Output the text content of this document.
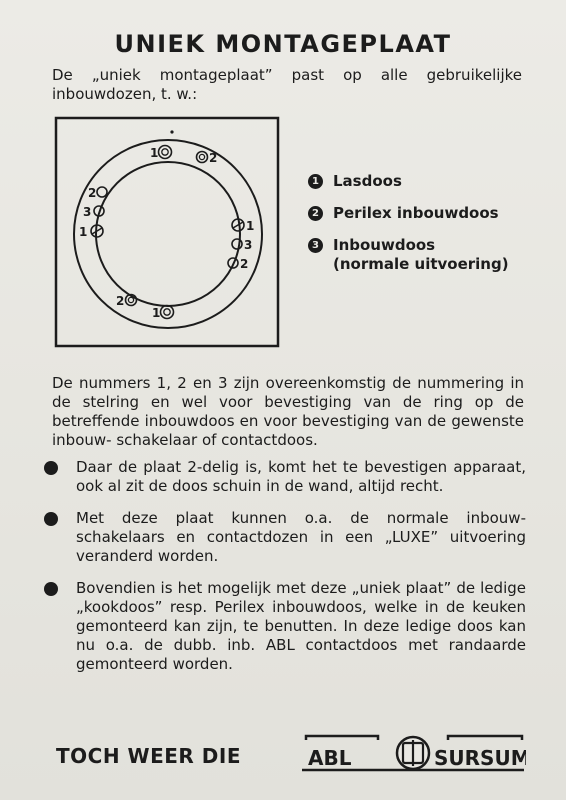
UNIEK MONTAGEPLAAT

De „uniek montageplaat” past op alle gebruikelijke inbouwdozen, t. w.:

1	2
2
3
1	1
3
2
2
1
1 Lasdoos
2 Perilex inbouwdoos
3 Inbouwdoos
(normale uitvoering)

De nummers 1, 2 en 3 zijn overeenkomstig de nummering in de stelring en wel voor bevestiging van de ring op de betreffende inbouwdoos en voor bevestiging van de gewenste inbouw- schakelaar of contactdoos.

Daar de plaat 2-delig is, komt het te bevestigen apparaat, ook al zit de doos schuin in de wand, altijd recht.
Met deze plaat kunnen o.a. de normale inbouw- schakelaars en contactdozen in een „LUXE” uitvoering veranderd worden.
Bovendien is het mogelijk met deze „uniek plaat” de ledige „kookdoos” resp. Perilex inbouwdoos, welke in de keuken gemonteerd kan zijn, te benutten. In deze ledige doos kan nu o.a. de dubb. inb. ABL contactdoos met randaarde gemonteerd worden.
TOCH WEER DIE	ABL	SURSUM
